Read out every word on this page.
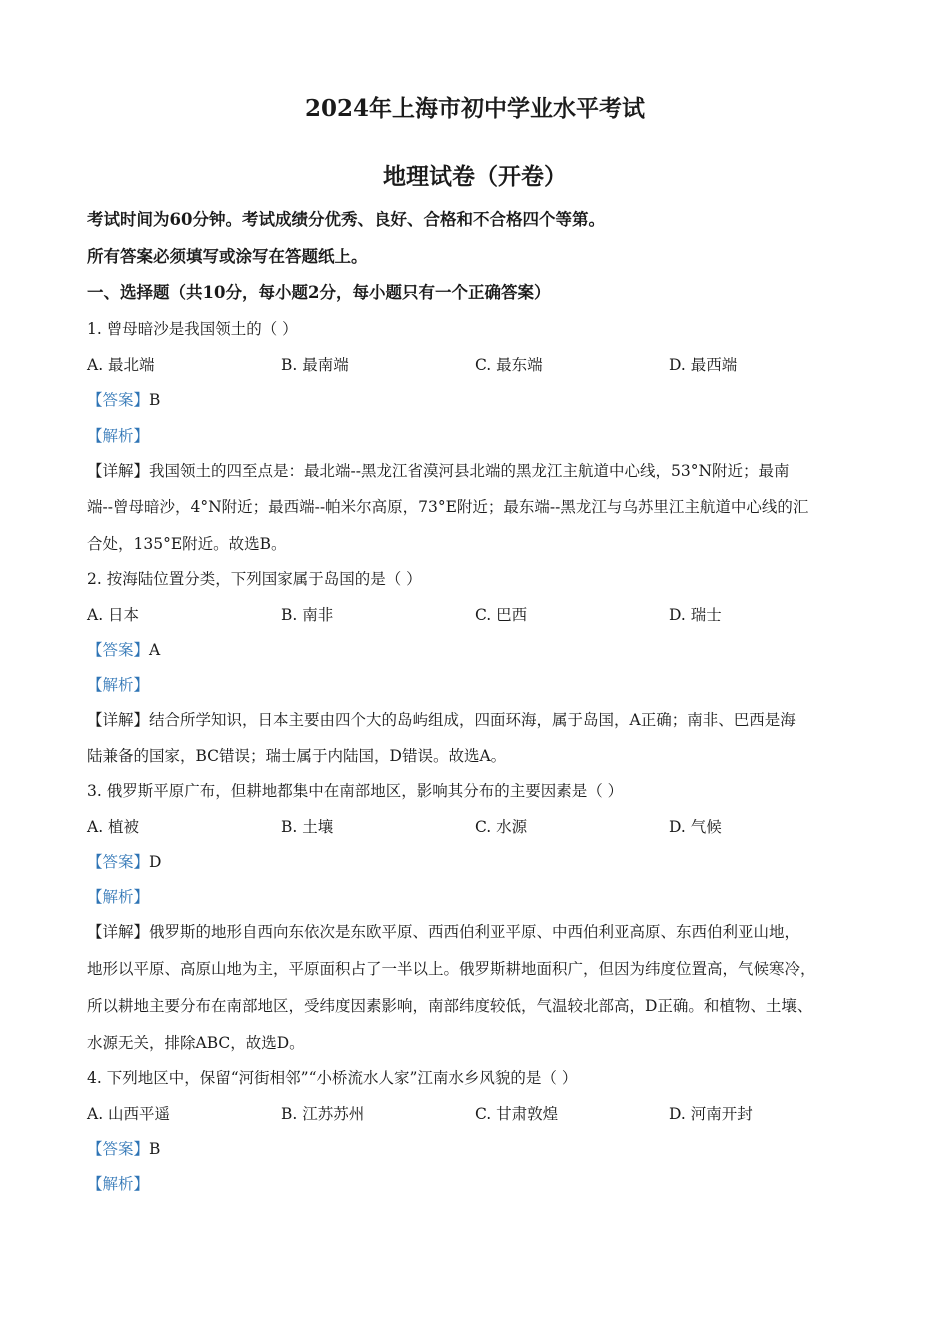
2024年上海市初中学业水平考试
地理试卷（开卷）
考试时间为60分钟。考试成绩分优秀、良好、合格和不合格四个等第。
所有答案必须填写或涂写在答题纸上。
一、选择题（共10分，每小题2分，每小题只有一个正确答案）
1. 曾母暗沙是我国领土的（ ）
A. 最北端	B. 最南端	C. 最东端	D. 最西端
【答案】B
【解析】
【详解】我国领土的四至点是：最北端--黑龙江省漠河县北端的黑龙江主航道中心线，53°N附近；最南
端--曾母暗沙，4°N附近；最西端--帕米尔高原，73°E附近；最东端--黑龙江与乌苏里江主航道中心线的汇
合处，135°E附近。故选B。
2. 按海陆位置分类，下列国家属于岛国的是（ ）
A. 日本	B. 南非	C. 巴西	D. 瑞士
【答案】A
【解析】
【详解】结合所学知识，日本主要由四个大的岛屿组成，四面环海，属于岛国，A正确；南非、巴西是海
陆兼备的国家，BC错误；瑞士属于内陆国，D错误。故选A。
3. 俄罗斯平原广布，但耕地都集中在南部地区，影响其分布的主要因素是（ ）
A. 植被	B. 土壤	C. 水源	D. 气候
【答案】D
【解析】
【详解】俄罗斯的地形自西向东依次是东欧平原、西西伯利亚平原、中西伯利亚高原、东西伯利亚山地，
地形以平原、高原山地为主，平原面积占了一半以上。俄罗斯耕地面积广，但因为纬度位置高，气候寒冷，
所以耕地主要分布在南部地区，受纬度因素影响，南部纬度较低，气温较北部高，D正确。和植物、土壤、
水源无关，排除ABC，故选D。
4. 下列地区中，保留“河街相邻”“小桥流水人家”江南水乡风貌的是（ ）
A. 山西平遥	B. 江苏苏州	C. 甘肃敦煌	D. 河南开封
【答案】B
【解析】
